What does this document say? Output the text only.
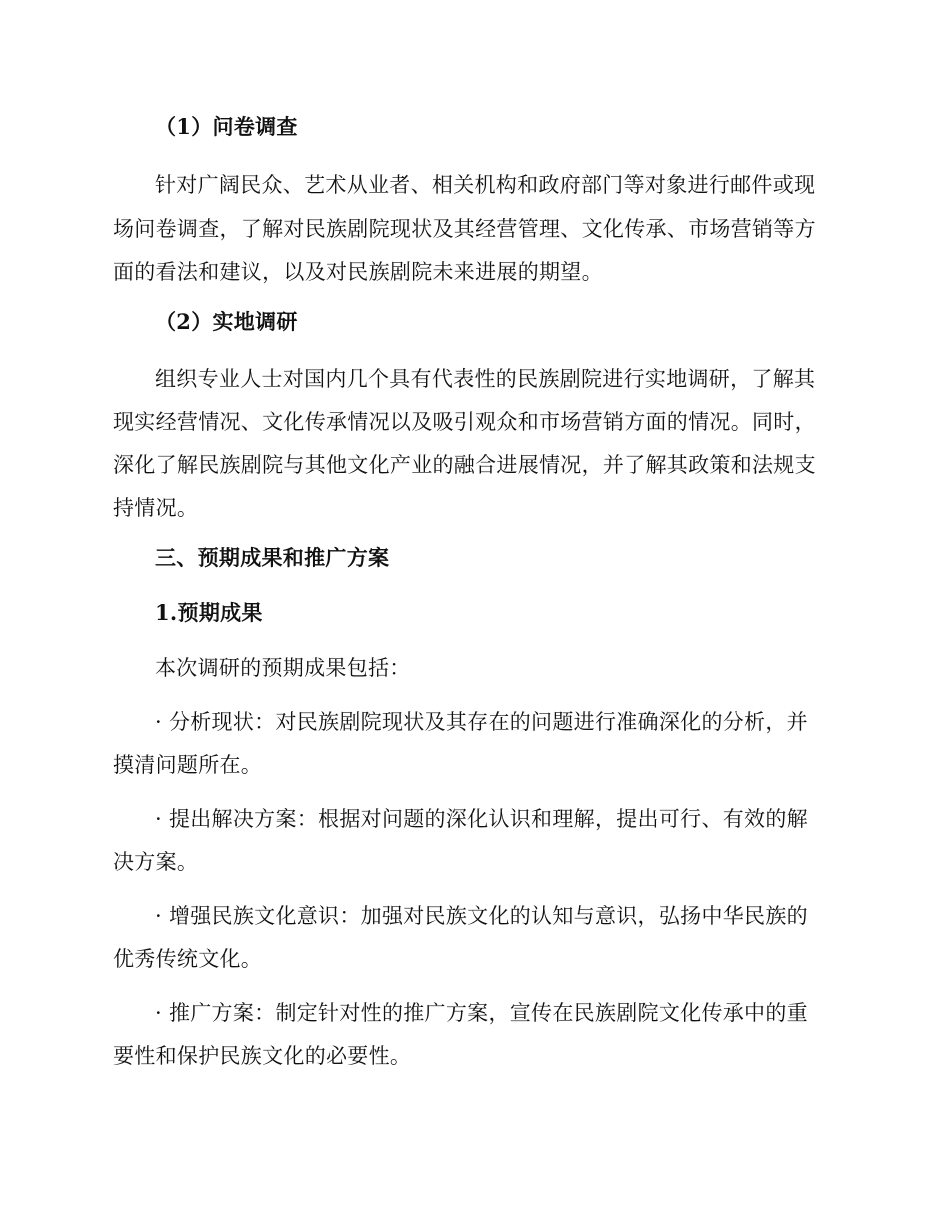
（1）问卷调查
针对广阔民众、艺术从业者、相关机构和政府部门等对象进行邮件或现
场问卷调查，了解对民族剧院现状及其经营管理、文化传承、市场营销等方
面的看法和建议，以及对民族剧院未来进展的期望。
（2）实地调研
组织专业人士对国内几个具有代表性的民族剧院进行实地调研，了解其
现实经营情况、文化传承情况以及吸引观众和市场营销方面的情况。同时，
深化了解民族剧院与其他文化产业的融合进展情况，并了解其政策和法规支
持情况。
三、预期成果和推广方案
1.预期成果
本次调研的预期成果包括：
· 分析现状：对民族剧院现状及其存在的问题进行准确深化的分析，并
摸清问题所在。
· 提出解决方案：根据对问题的深化认识和理解，提出可行、有效的解
决方案。
· 增强民族文化意识：加强对民族文化的认知与意识，弘扬中华民族的
优秀传统文化。
· 推广方案：制定针对性的推广方案，宣传在民族剧院文化传承中的重
要性和保护民族文化的必要性。
